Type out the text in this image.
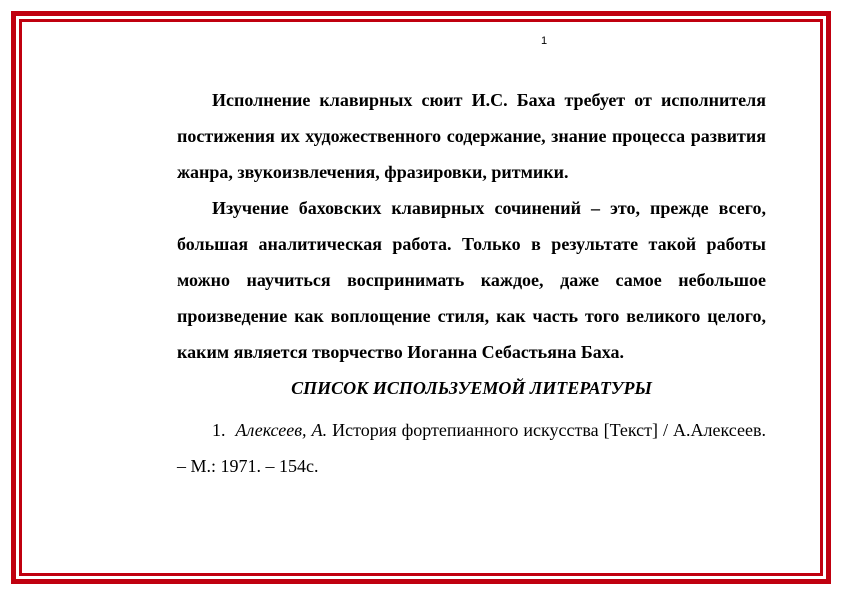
1

Исполнение клавирных сюит И.С. Баха требует от исполнителя постижения их художественного содержание, знание процесса развития жанра, звукоизвлечения, фразировки, ритмики.

Изучение баховских клавирных сочинений – это, прежде всего, большая аналитическая работа. Только в результате такой работы можно научиться воспринимать каждое, даже самое небольшое произведение как воплощение стиля, как часть того великого целого, каким является творчество Иоганна Себастьяна Баха.

СПИСОК ИСПОЛЬЗУЕМОЙ ЛИТЕРАТУРЫ

1. Алексеев, А. История фортепианного искусства [Текст] / А.Алексеев. – М.: 1971. – 154с.
